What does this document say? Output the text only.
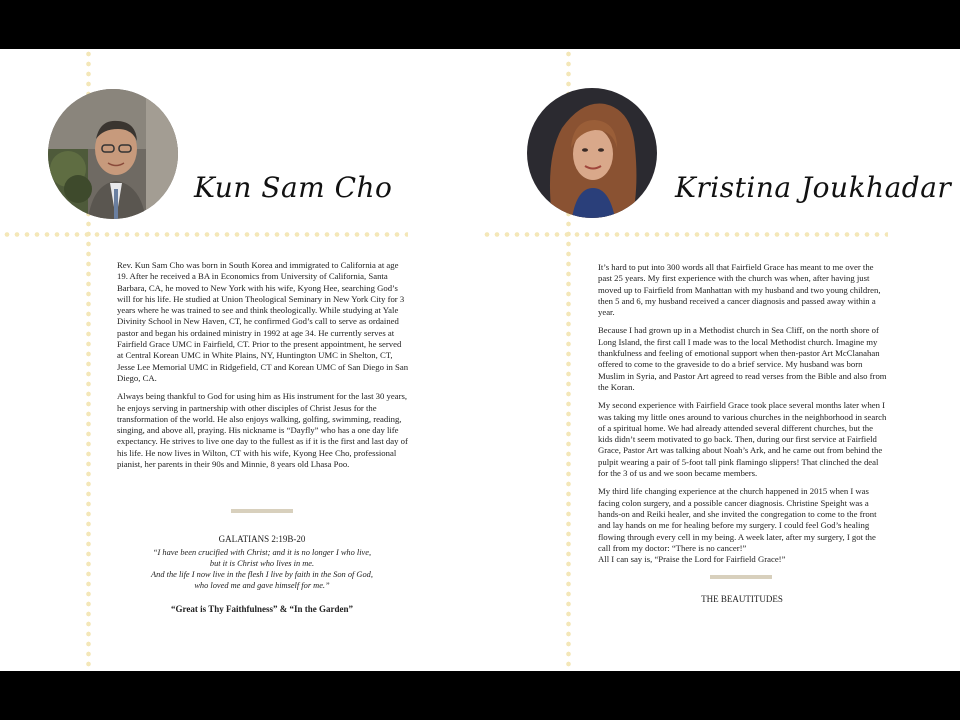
Kun Sam Cho

Rev. Kun Sam Cho was born in South Korea and immigrated to California at age 19. After he received a BA in Economics from University of California, Santa Barbara, CA, he moved to New York with his wife, Kyong Hee, searching God’s will for his life. He studied at Union Theological Seminary in New York City for 3 years where he was trained to see and think theologically. While studying at Yale Divinity School in New Haven, CT, he confirmed God’s call to serve as ordained pastor and began his ordained ministry in 1992 at age 34. He currently serves at Fairfield Grace UMC in Fairfield, CT. Prior to the present appointment, he served at Central Korean UMC in White Plains, NY, Huntington UMC in Shelton, CT, Jesse Lee Memorial UMC in Ridgefield, CT and Korean UMC of San Diego in San Diego, CA.

Always being thankful to God for using him as His instrument for the last 30 years, he enjoys serving in partnership with other disciples of Christ Jesus for the transformation of the world. He also enjoys walking, golfing, swimming, reading, singing, and above all, praying. His nickname is “Dayfly” who has a one day life expectancy. He strives to live one day to the fullest as if it is the first and last day of his life. He now lives in Wilton, CT with his wife, Kyong Hee Cho, professional pianist, her parents in their 90s and Minnie, 8 years old Lhasa Poo.

GALATIANS 2:19B-20
“I have been crucified with Christ; and it is no longer I who live,
but it is Christ who lives in me.
And the life I now live in the flesh I live by faith in the Son of God,
who loved me and gave himself for me.”
“Great is Thy Faithfulness” & “In the Garden”
Kristina Joukhadar

It’s hard to put into 300 words all that Fairfield Grace has meant to me over the past 25 years. My first experience with the church was when, after having just moved up to Fairfield from Manhattan with my husband and two young children, then 5 and 6, my husband received a cancer diagnosis and passed away within a year.

Because I had grown up in a Methodist church in Sea Cliff, on the north shore of Long Island, the first call I made was to the local Methodist church. Imagine my thankfulness and feeling of emotional support when then-pastor Art McClanahan offered to come to the graveside to do a brief service. My husband was born Muslim in Syria, and Pastor Art agreed to read verses from the Bible and also from the Koran.

My second experience with Fairfield Grace took place several months later when I was taking my little ones around to various churches in the neighborhood in search of a spiritual home. We had already attended several different churches, but the kids didn’t seem motivated to go back. Then, during our first service at Fairfield Grace, Pastor Art was talking about Noah’s Ark, and he came out from behind the pulpit wearing a pair of 5-foot tall pink flamingo slippers! That clinched the deal for the 3 of us and we soon became members.

My third life changing experience at the church happened in 2015 when I was facing colon surgery, and a possible cancer diagnosis. Christine Speight was a hands-on and Reiki healer, and she invited the congregation to come to the front and lay hands on me for healing before my surgery. I could feel God’s healing flowing through every cell in my being. A week later, after my surgery, I got the call from my doctor: “There is no cancer!”
All I can say is, “Praise the Lord for Fairfield Grace!”

THE BEAUTITUDES
